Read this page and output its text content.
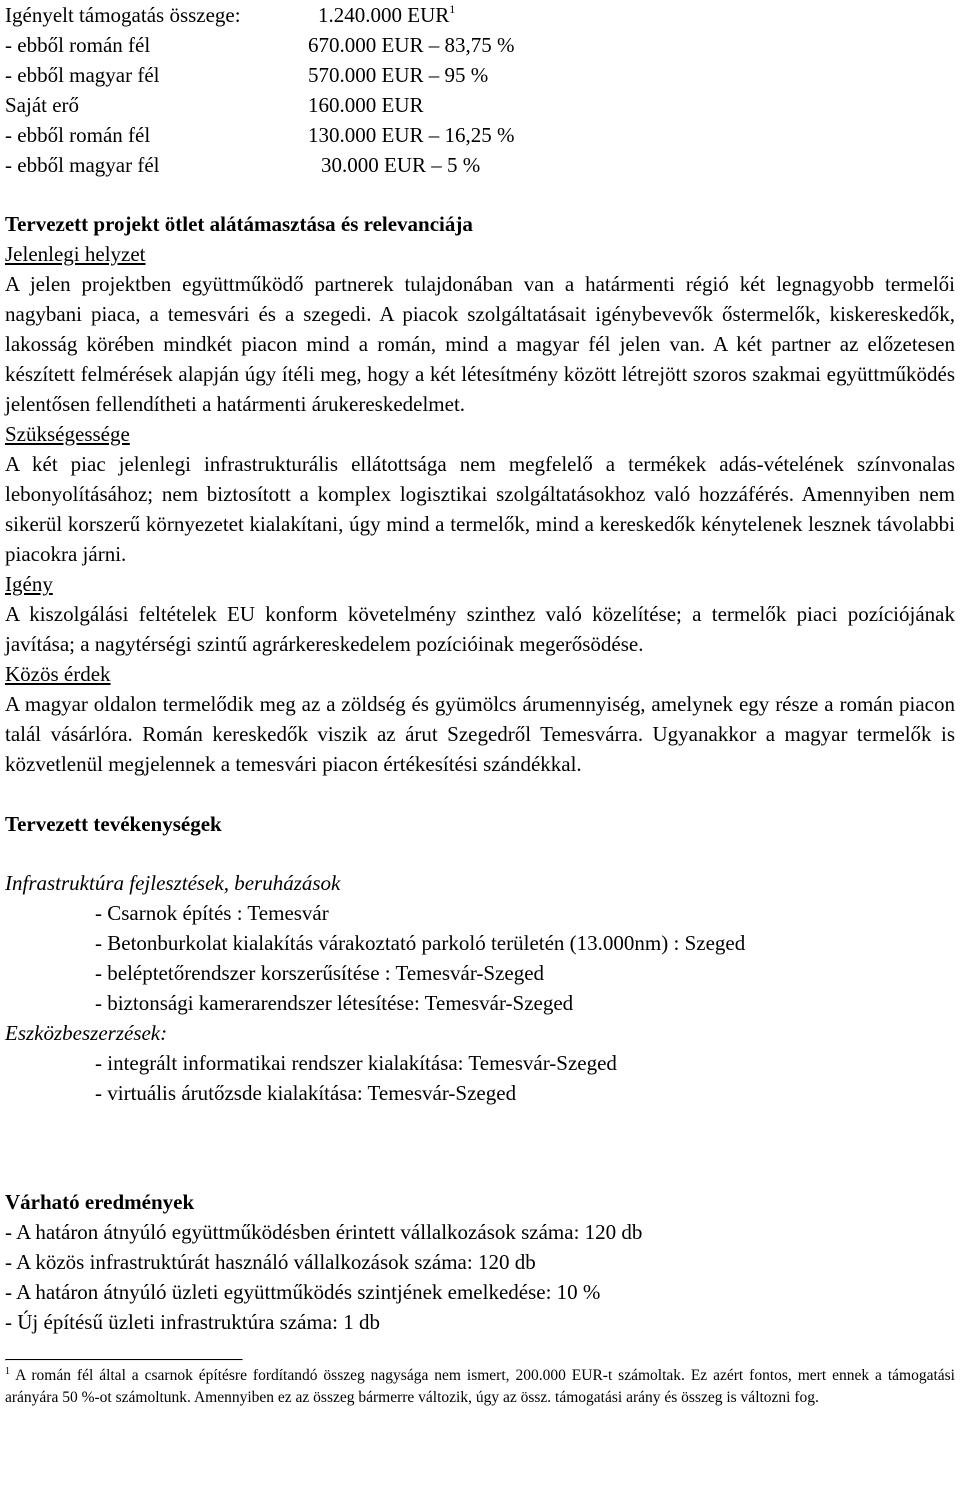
Igényelt támogatás összege:	1.240.000 EUR$^1$
- ebből román fél	670.000 EUR – 83,75 %
- ebből magyar fél	570.000 EUR – 95 %
Saját erő	160.000 EUR
- ebből román fél	130.000 EUR – 16,25 %
- ebből magyar fél	30.000 EUR – 5 %
Tervezett projekt ötlet alátámasztása és relevanciája
Jelenlegi helyzet
A jelen projektben együttműködő partnerek tulajdonában van a határmenti régió két legnagyobb termelői nagybani piaca, a temesvári és a szegedi. A piacok szolgáltatásait igénybevevők őstermelők, kiskereskedők, lakosság körében mindkét piacon mind a román, mind a magyar fél jelen van. A két partner az előzetesen készített felmérések alapján úgy ítéli meg, hogy a két létesítmény között létrejött szoros szakmai együttműködés jelentősen fellendítheti a határmenti árukereskedelmet.
Szükségessége
A két piac jelenlegi infrastrukturális ellátottsága nem megfelelő a termékek adás-vételének színvonalas lebonyolításához; nem biztosított a komplex logisztikai szolgáltatásokhoz való hozzáférés. Amennyiben nem sikerül korszerű környezetet kialakítani, úgy mind a termelők, mind a kereskedők kénytelenek lesznek távolabbi piacokra járni.
Igény
A kiszolgálási feltételek EU konform követelmény szinthez való közelítése; a termelők piaci pozíciójának javítása; a nagytérségi szintű agrárkereskedelem pozícióinak megerősödése.
Közös érdek
A magyar oldalon termelődik meg az a zöldség és gyümölcs árumennyiség, amelynek egy része a román piacon talál vásárlóra. Román kereskedők viszik az árut Szegedről Temesvárra. Ugyanakkor a magyar termelők is közvetlenül megjelennek a temesvári piacon értékesítési szándékkal.
Tervezett tevékenységek
Infrastruktúra fejlesztések, beruházások
- Csarnok építés : Temesvár
- Betonburkolat kialakítás várakoztató parkoló területén (13.000nm) : Szeged
- beléptetőrendszer korszerűsítése : Temesvár-Szeged
- biztonsági kamerarendszer létesítése: Temesvár-Szeged
Eszközbeszerzések:
- integrált informatikai rendszer kialakítása: Temesvár-Szeged
- virtuális árutőzsde kialakítása: Temesvár-Szeged
Várható eredmények
- A határon átnyúló együttműködésben érintett vállalkozások száma: 120 db
- A közös infrastruktúrát használó vállalkozások száma: 120 db
- A határon átnyúló üzleti együttműködés szintjének emelkedése: 10 %
- Új építésű üzleti infrastruktúra száma: 1 db
$^1$ A román fél által a csarnok építésre fordítandó összeg nagysága nem ismert, 200.000 EUR-t számoltak. Ez azért fontos, mert ennek a támogatási arányára 50 %-ot számoltunk. Amennyiben ez az összeg bármerre változik, úgy az össz. támogatási arány és összeg is változni fog.
